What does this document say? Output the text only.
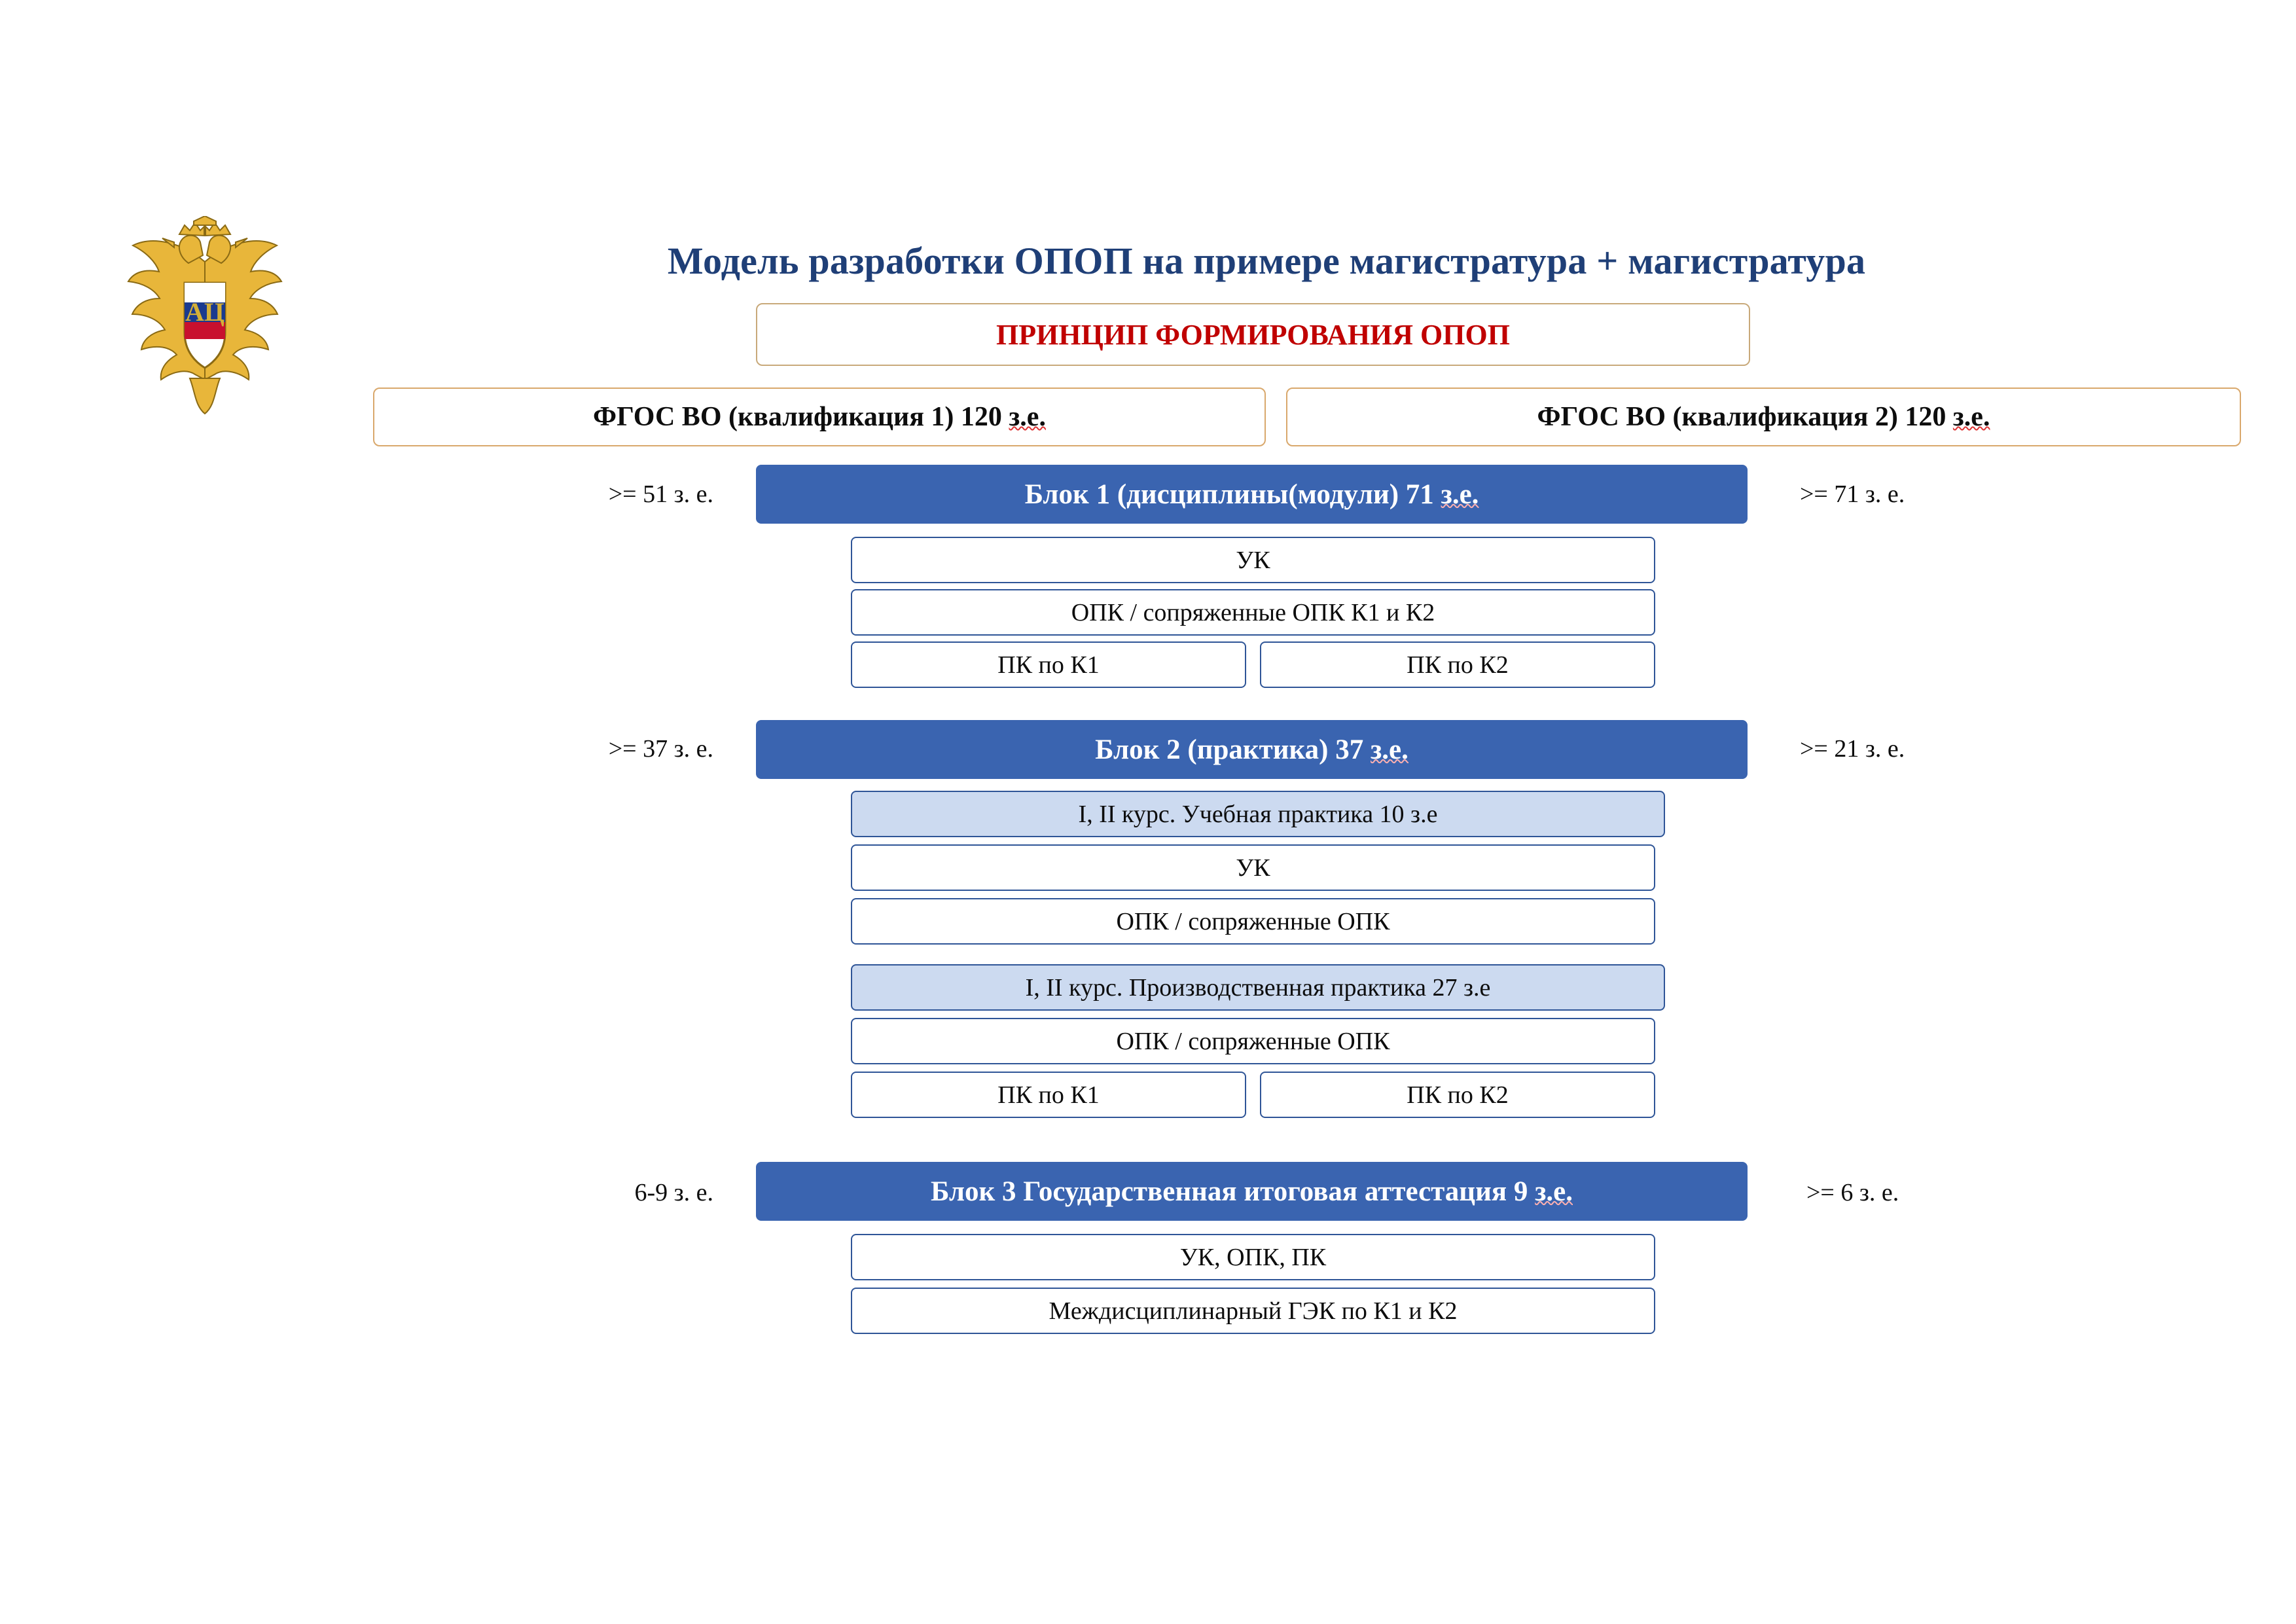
АЦ
Модель разработки ОПОП на примере магистратура + магистратура
ПРИНЦИП ФОРМИРОВАНИЯ ОПОП
ФГОС ВО (квалификация 1) 120 з.е.	ФГОС ВО (квалификация 2) 120 з.е.
>= 51 з. е.	>= 71 з. е.
Блок 1 (дисциплины(модули) 71 з.е.
УК
ОПК / сопряженные ОПК К1 и К2
ПК по К1	ПК по К2
>= 37 з. е.	>= 21 з. е.
Блок 2 (практика) 37 з.е.
I, II курс. Учебная практика 10 з.е
УК
ОПК / сопряженные ОПК
I, II курс. Производственная практика 27 з.е
ОПК / сопряженные ОПК
ПК по К1	ПК по К2
6-9 з. е.	>= 6 з. е.
Блок 3 Государственная итоговая аттестация 9 з.е.
УК, ОПК, ПК
Междисциплинарный ГЭК по К1 и К2
